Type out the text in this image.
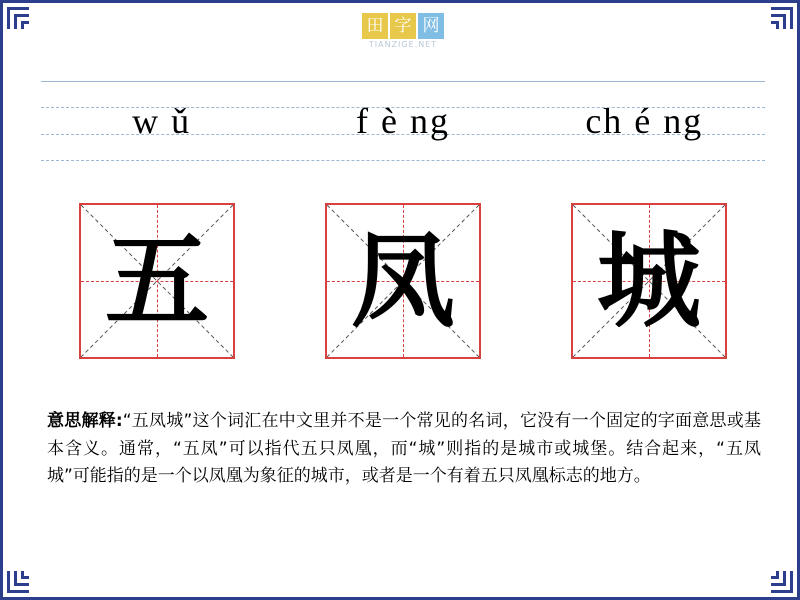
田 字 网
TIANZIGE.NET
w ǔ	f è ng	ch é ng
五 凤 城
意思解释:“五凤城”这个词汇在中文里并不是一个常见的名词，它没有一个固定的字面意思或基本含义。通常，“五凤”可以指代五只凤凰，而“城”则指的是城市或城堡。结合起来，“五凤城”可能指的是一个以凤凰为象征的城市，或者是一个有着五只凤凰标志的地方。
